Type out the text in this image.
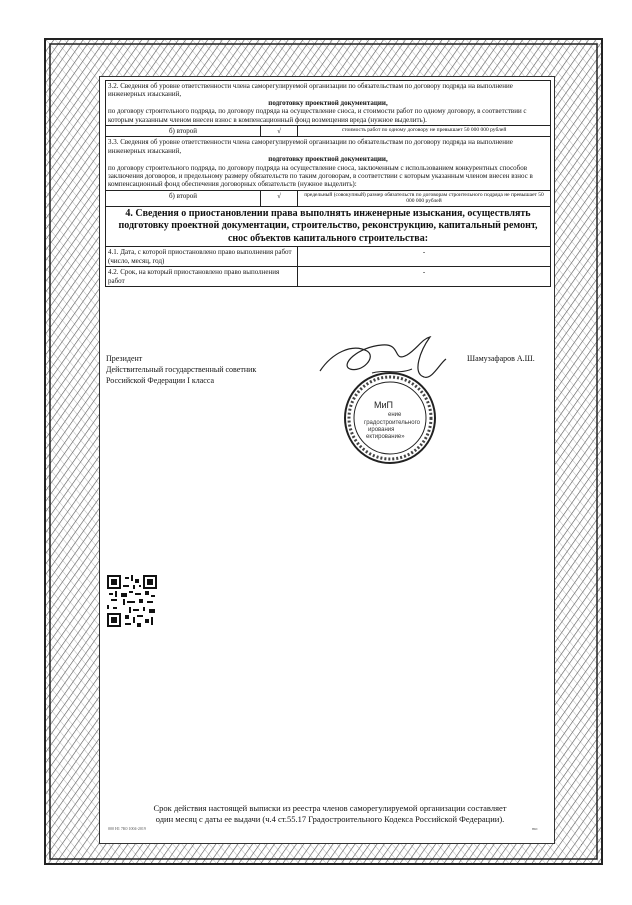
3.2. Сведения об уровне ответственности члена саморегулируемой организации по обязательствам по договору подряда на выполнение инженерных изысканий,
подготовку проектной документации,
по договору строительного подряда, по договору подряда на осуществление сноса, и стоимости работ по одному договору, в соответствии с которым указанным членом внесен взнос в компенсационный фонд возмещения вреда (нужное выделить).		

б) второй	√	стоимость работ по одному договору не превышает 50 000 000 рублей

3.3. Сведения об уровне ответственности члена саморегулируемой организации по обязательствам по договору подряда на выполнение инженерных изысканий,
подготовку проектной документации,
по договору строительного подряда, по договору подряда на осуществление сноса, заключенным с использованием конкурентных способов заключения договоров, и предельному размеру обязательств по таким договорам, в соответствии с которым указанным членом внесен взнос в компенсационный фонд обеспечения договорных обязательств (нужное выделить):		

б) второй	√	предельный (совокупный) размер обязательств по договорам строительного подряда не превышает 50 000 000 рублей
4. Сведения о приостановлении права выполнять инженерные изыскания, осуществлять подготовку проектной документации, строительство, реконструкцию, капитальный ремонт, снос объектов капитального строительства:		
4.1. Дата, с которой приостановлено право выполнения работ (число, месяц, год)		-
4.2. Срок, на который приостановлено право выполнения работ		-
Президент
Действительный государственный советник
Российской Федерации I класса
Шамузафаров А.Ш.
МиП
ение
градостроительного
ирования
ектирование»
Срок действия настоящей выписки из реестра членов саморегулируемой организации составляет
один месяц с даты ее выдачи (ч.4 ст.55.17 Градостроительного Кодекса Российской Федерации).
000 Н1 7К0 1004-2019	нкс
